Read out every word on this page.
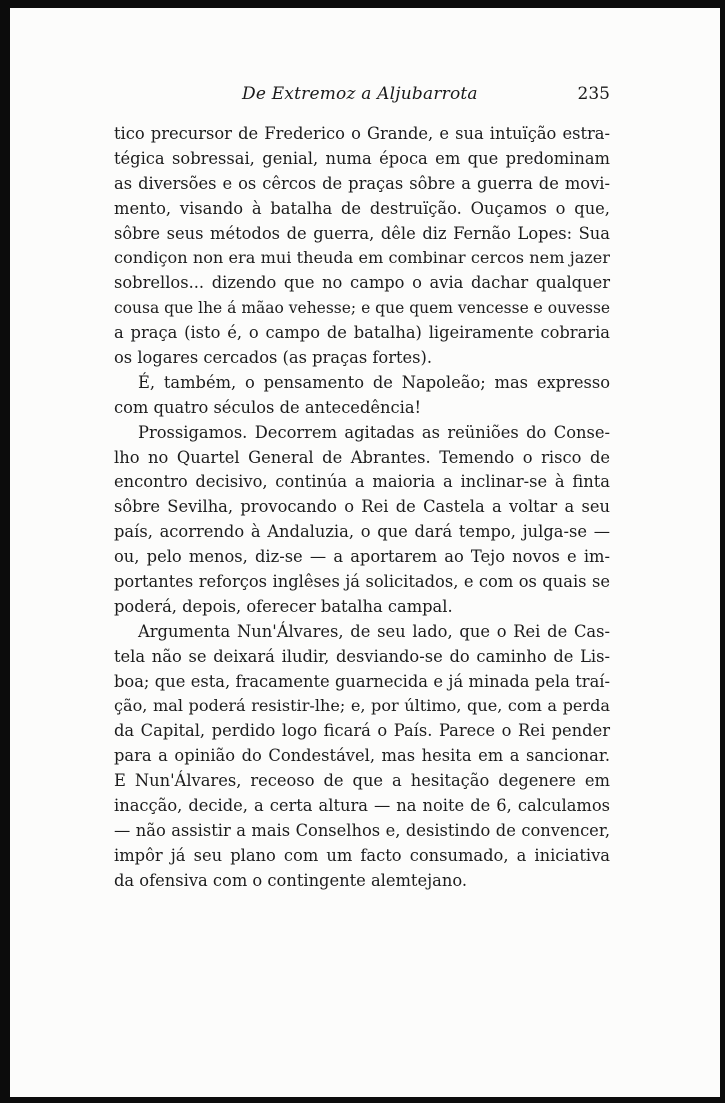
De Extremoz a Aljubarrota	235
tico precursor de Frederico o Grande, e sua intuïção estra-
tégica sobressai, genial, numa época em que predominam
as diversões e os cêrcos de praças sôbre a guerra de movi-
mento, visando à batalha de destruïção. Ouçamos o que,
sôbre seus métodos de guerra, dêle diz Fernão Lopes: Sua
condiçon non era mui theuda em combinar cercos nem jazer
sobrellos... dizendo que no campo o avia dachar qualquer
cousa que lhe á mãao vehesse; e que quem vencesse e ouvesse
a praça (isto é, o campo de batalha) ligeiramente cobraria
os logares cercados (as praças fortes).
É, também, o pensamento de Napoleão; mas expresso
com quatro séculos de antecedência!
Prossigamos. Decorrem agitadas as reüniões do Conse-
lho no Quartel General de Abrantes. Temendo o risco de
encontro decisivo, continúa a maioria a inclinar-se à finta
sôbre Sevilha, provocando o Rei de Castela a voltar a seu
país, acorrendo à Andaluzia, o que dará tempo, julga-se —
ou, pelo menos, diz-se — a aportarem ao Tejo novos e im-
portantes reforços inglêses já solicitados, e com os quais se
poderá, depois, oferecer batalha campal.
Argumenta Nun'Álvares, de seu lado, que o Rei de Cas-
tela não se deixará iludir, desviando-se do caminho de Lis-
boa; que esta, fracamente guarnecida e já minada pela traí-
ção, mal poderá resistir-lhe; e, por último, que, com a perda
da Capital, perdido logo ficará o País. Parece o Rei pender
para a opinião do Condestável, mas hesita em a sancionar.
E Nun'Álvares, receoso de que a hesitação degenere em
inacção, decide, a certa altura — na noite de 6, calculamos
— não assistir a mais Conselhos e, desistindo de convencer,
impôr já seu plano com um facto consumado, a iniciativa
da ofensiva com o contingente alemtejano.
